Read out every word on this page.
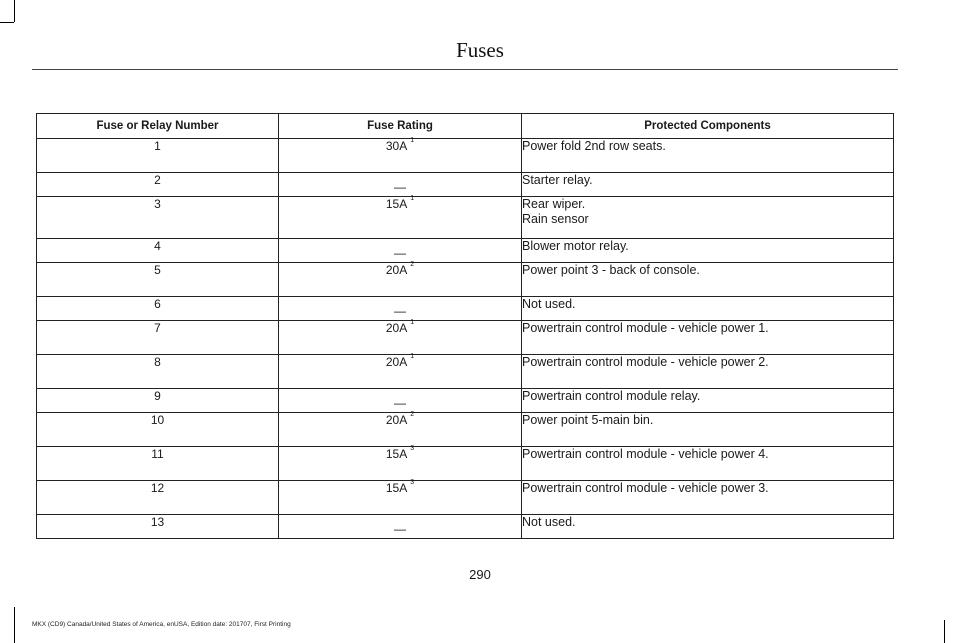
Fuses
Fuse or Relay Number	Fuse Rating	Protected Components
1	30A $^1$	Power fold 2nd row seats.

2	—	Starter relay.

3	15A $^1$	Rear wiper.
Rain sensor

4	—	Blower motor relay.

5	20A $^2$	Power point 3 - back of console.

6	—	Not used.

7	20A $^1$	Powertrain control module - vehicle power 1.

8	20A $^1$	Powertrain control module - vehicle power 2.

9	—	Powertrain control module relay.

10	20A $^2$	Power point 5-main bin.

11	15A $^3$	Powertrain control module - vehicle power 4.

12	15A $^3$	Powertrain control module - vehicle power 3.

13	—	Not used.
290
MKX (CD9) Canada/United States of America, enUSA, Edition date: 201707, First Printing
